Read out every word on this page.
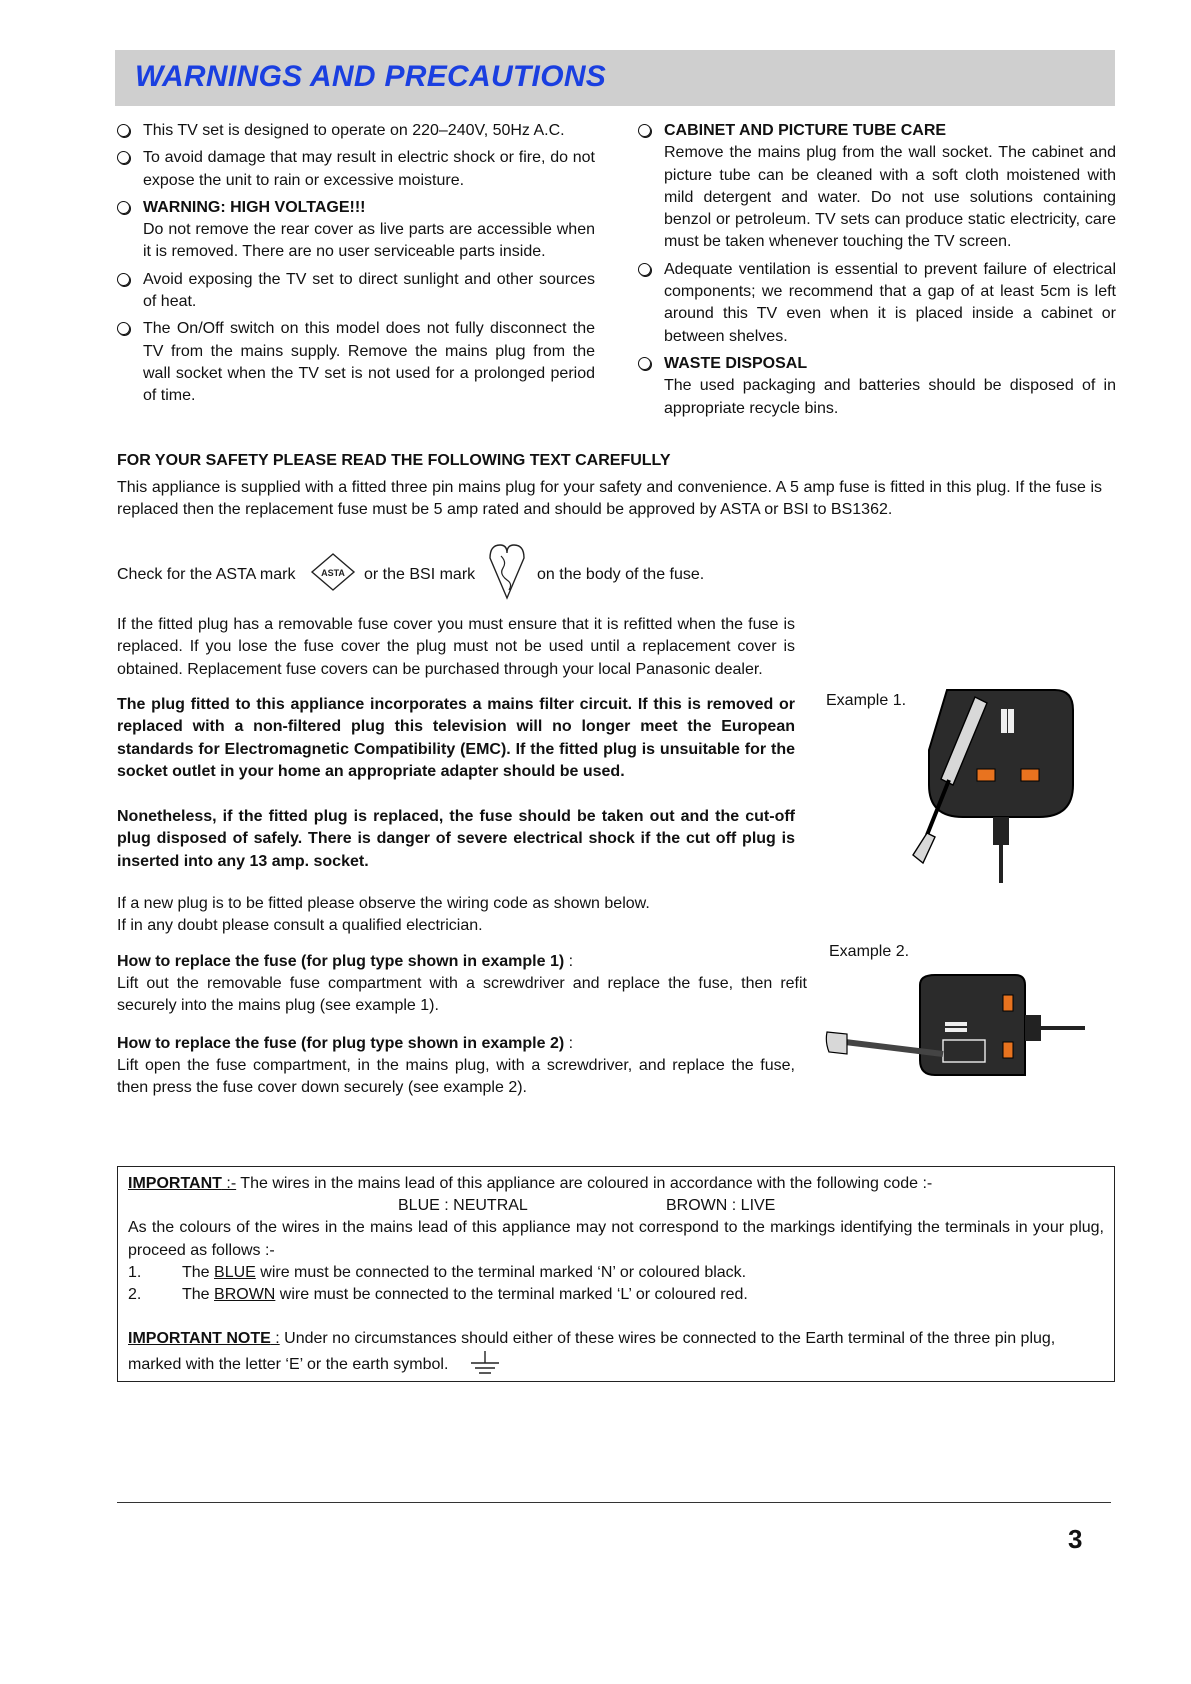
WARNINGS AND PRECAUTIONS
This TV set is designed to operate on 220–240V, 50Hz A.C.
To avoid damage that may result in electric shock or fire, do not expose the unit to rain or excessive moisture.
WARNING: HIGH VOLTAGE!!!
Do not remove the rear cover as live parts are accessible when it is removed. There are no user serviceable parts inside.
Avoid exposing the TV set to direct sunlight and other sources of heat.
The On/Off switch on this model does not fully disconnect the TV from the mains supply. Remove the mains plug from the wall socket when the TV set is not used for a prolonged period of time.
CABINET AND PICTURE TUBE CARE
Remove the mains plug from the wall socket. The cabinet and picture tube can be cleaned with a soft cloth moistened with mild detergent and water. Do not use solutions containing benzol or petroleum. TV sets can produce static electricity, care must be taken whenever touching the TV screen.
Adequate ventilation is essential to prevent failure of electrical components; we recommend that a gap of at least 5cm is left around this TV even when it is placed inside a cabinet or between shelves.
WASTE DISPOSAL
The used packaging and batteries should be disposed of in appropriate recycle bins.
FOR YOUR SAFETY PLEASE READ THE FOLLOWING TEXT CAREFULLY
This appliance is supplied with a fitted three pin mains plug for your safety and convenience. A 5 amp fuse is fitted in this plug. If the fuse is replaced then the replacement fuse must be 5 amp rated and should be approved by ASTA or BSI to BS1362.
Check for the ASTA mark	ASTA or the BSI mark	on the body of the fuse.
If the fitted plug has a removable fuse cover you must ensure that it is refitted when the fuse is replaced. If you lose the fuse cover the plug must not be used until a replacement cover is obtained. Replacement fuse covers can be purchased through your local Panasonic dealer.
The plug fitted to this appliance incorporates a mains filter circuit. If this is removed or replaced with a non-filtered plug this television will no longer meet the European standards for Electromagnetic Compatibility (EMC). If the fitted plug is unsuitable for the socket outlet in your home an appropriate adapter should be used.
Nonetheless, if the fitted plug is replaced, the fuse should be taken out and the cut-off plug disposed of safely. There is danger of severe electrical shock if the cut off plug is inserted into any 13 amp. socket.
If a new plug is to be fitted please observe the wiring code as shown below.
If in any doubt please consult a qualified electrician.
How to replace the fuse (for plug type shown in example 1) :
Lift out the removable fuse compartment with a screwdriver and replace the fuse, then refit securely into the mains plug (see example 1).
How to replace the fuse (for plug type shown in example 2) :
Lift open the fuse compartment, in the mains plug, with a screwdriver, and replace the fuse, then press the fuse cover down securely (see example 2).
Example 1.
Example 2.
IMPORTANT :- The wires in the mains lead of this appliance are coloured in accordance with the following code :-
BLUE : NEUTRAL	BROWN : LIVE
As the colours of the wires in the mains lead of this appliance may not correspond to the markings identifying the terminals in your plug, proceed as follows :-
1.	The BLUE wire must be connected to the terminal marked ‘N’ or coloured black.
2.	The BROWN wire must be connected to the terminal marked ‘L’ or coloured red.
IMPORTANT NOTE : Under no circumstances should either of these wires be connected to the Earth terminal of the three pin plug, marked with the letter ‘E’ or the earth symbol.
3
